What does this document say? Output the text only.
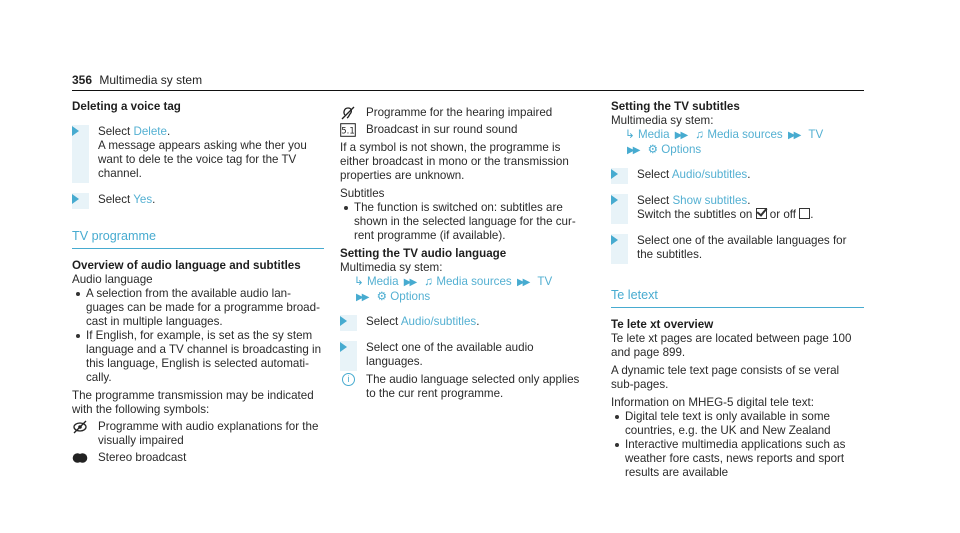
356 Multimedia sy stem
Deleting a voice tag
Select Delete.
A message appears asking whe ther you want to dele te the voice tag for the TV channel.
Select Yes.
TV programme
Overview of audio language and subtitles
Audio language
A selection from the available audio lan-guages can be made for a programme broad-cast in multiple languages.
If English, for example, is set as the sy stem language and a TV channel is broadcasting in this language, English is selected automati-cally.
The programme transmission may be indicated with the following symbols:
Programme with audio explanations for the visually impaired
Stereo broadcast
Programme for the hearing impaired
5.1 Broadcast in sur round sound
If a symbol is not shown, the programme is either broadcast in mono or the transmission properties are unknown.
Subtitles
The function is switched on: subtitles are shown in the selected language for the cur-rent programme (if available).
Setting the TV audio language
Multimedia sy stem:
↳ Media ▶▶ ♫ Media sources ▶▶ TV
▶▶ ⚙ Options
Select Audio/subtitles.
Select one of the available audio languages.
i	The audio language selected only applies to the cur rent programme.
Setting the TV subtitles
Multimedia sy stem:
↳ Media ▶▶ ♫ Media sources ▶▶ TV
▶▶ ⚙ Options
Select Audio/subtitles.
Select Show subtitles.
Switch the subtitles on  or off .
Select one of the available languages for the subtitles.
Te letext
Te lete xt overview
Te lete xt pages are located between page 100 and page 899.
A dynamic tele text page consists of se veral sub-pages.
Information on MHEG-5 digital tele text:
Digital tele text is only available in some countries, e.g. the UK and New Zealand
Interactive multimedia applications such as weather fore casts, news reports and sport results are available
